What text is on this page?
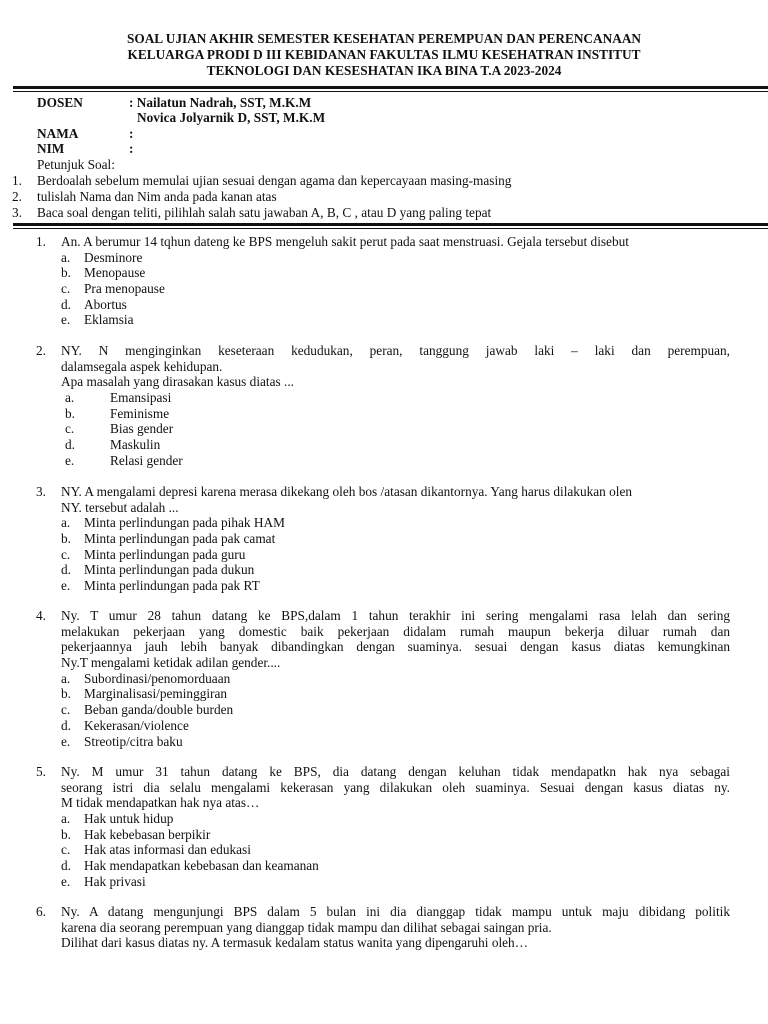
SOAL UJIAN AKHIR SEMESTER KESEHATAN PEREMPUAN DAN PERENCANAAN
KELUARGA PRODI D III KEBIDANAN FAKULTAS ILMU KESEHATRAN INSTITUT
TEKNOLOGI DAN KESESHATAN IKA BINA T.A 2023-2024
DOSEN	: Nailatun Nadrah, SST, M.K.M
Novica Jolyarnik D, SST, M.K.M
NAMA	:
NIM	:
Petunjuk Soal:
1.	Berdoalah sebelum memulai ujian sesuai dengan agama dan kepercayaan masing-masing
2.	tulislah Nama dan Nim anda pada kanan atas
3.	Baca soal dengan teliti, pilihlah salah satu jawaban A, B, C , atau D yang paling tepat
1. An. A berumur 14 tqhun dateng ke BPS mengeluh sakit perut pada saat menstruasi. Gejala tersebut disebut
a. Desminore
b. Menopause
c. Pra menopause
d. Abortus
e. Eklamsia
2. NY. N menginginkan keseteraan kedudukan, peran, tanggung jawab laki – laki dan perempuan,
dalamsegala aspek kehidupan.
Apa masalah yang dirasakan kasus diatas ...
a.	Emansipasi
b.	Feminisme
c.	Bias gender
d.	Maskulin
e.	Relasi gender
3. NY. A mengalami depresi karena merasa dikekang oleh bos /atasan dikantornya. Yang harus dilakukan olen
NY. tersebut adalah ...
a. Minta perlindungan pada pihak HAM
b. Minta perlindungan pada pak camat
c. Minta perlindungan pada guru
d. Minta perlindungan pada dukun
e. Minta perlindungan pada pak RT
4. Ny. T umur 28 tahun datang ke BPS,dalam 1 tahun terakhir ini sering mengalami rasa lelah dan sering
melakukan pekerjaan yang domestic baik pekerjaan didalam rumah maupun bekerja diluar rumah dan
pekerjaannya jauh lebih banyak dibandingkan dengan suaminya. sesuai dengan kasus diatas kemungkinan
Ny.T mengalami ketidak adilan gender....
a. Subordinasi/penomorduaan
b. Marginalisasi/peminggiran
c. Beban ganda/double burden
d. Kekerasan/violence
e. Streotip/citra baku
5. Ny. M umur 31 tahun datang ke BPS, dia datang dengan keluhan tidak mendapatkn hak nya sebagai
seorang istri dia selalu mengalami kekerasan yang dilakukan oleh suaminya. Sesuai dengan kasus diatas ny.
M tidak mendapatkan hak nya atas…
a. Hak untuk hidup
b. Hak kebebasan berpikir
c. Hak atas informasi dan edukasi
d. Hak mendapatkan kebebasan dan keamanan
e. Hak privasi
6. Ny. A datang mengunjungi BPS dalam 5 bulan ini dia dianggap tidak mampu untuk maju dibidang politik
karena dia seorang perempuan yang dianggap tidak mampu dan dilihat sebagai saingan pria.
Dilihat dari kasus diatas ny. A termasuk kedalam status wanita yang dipengaruhi oleh…
